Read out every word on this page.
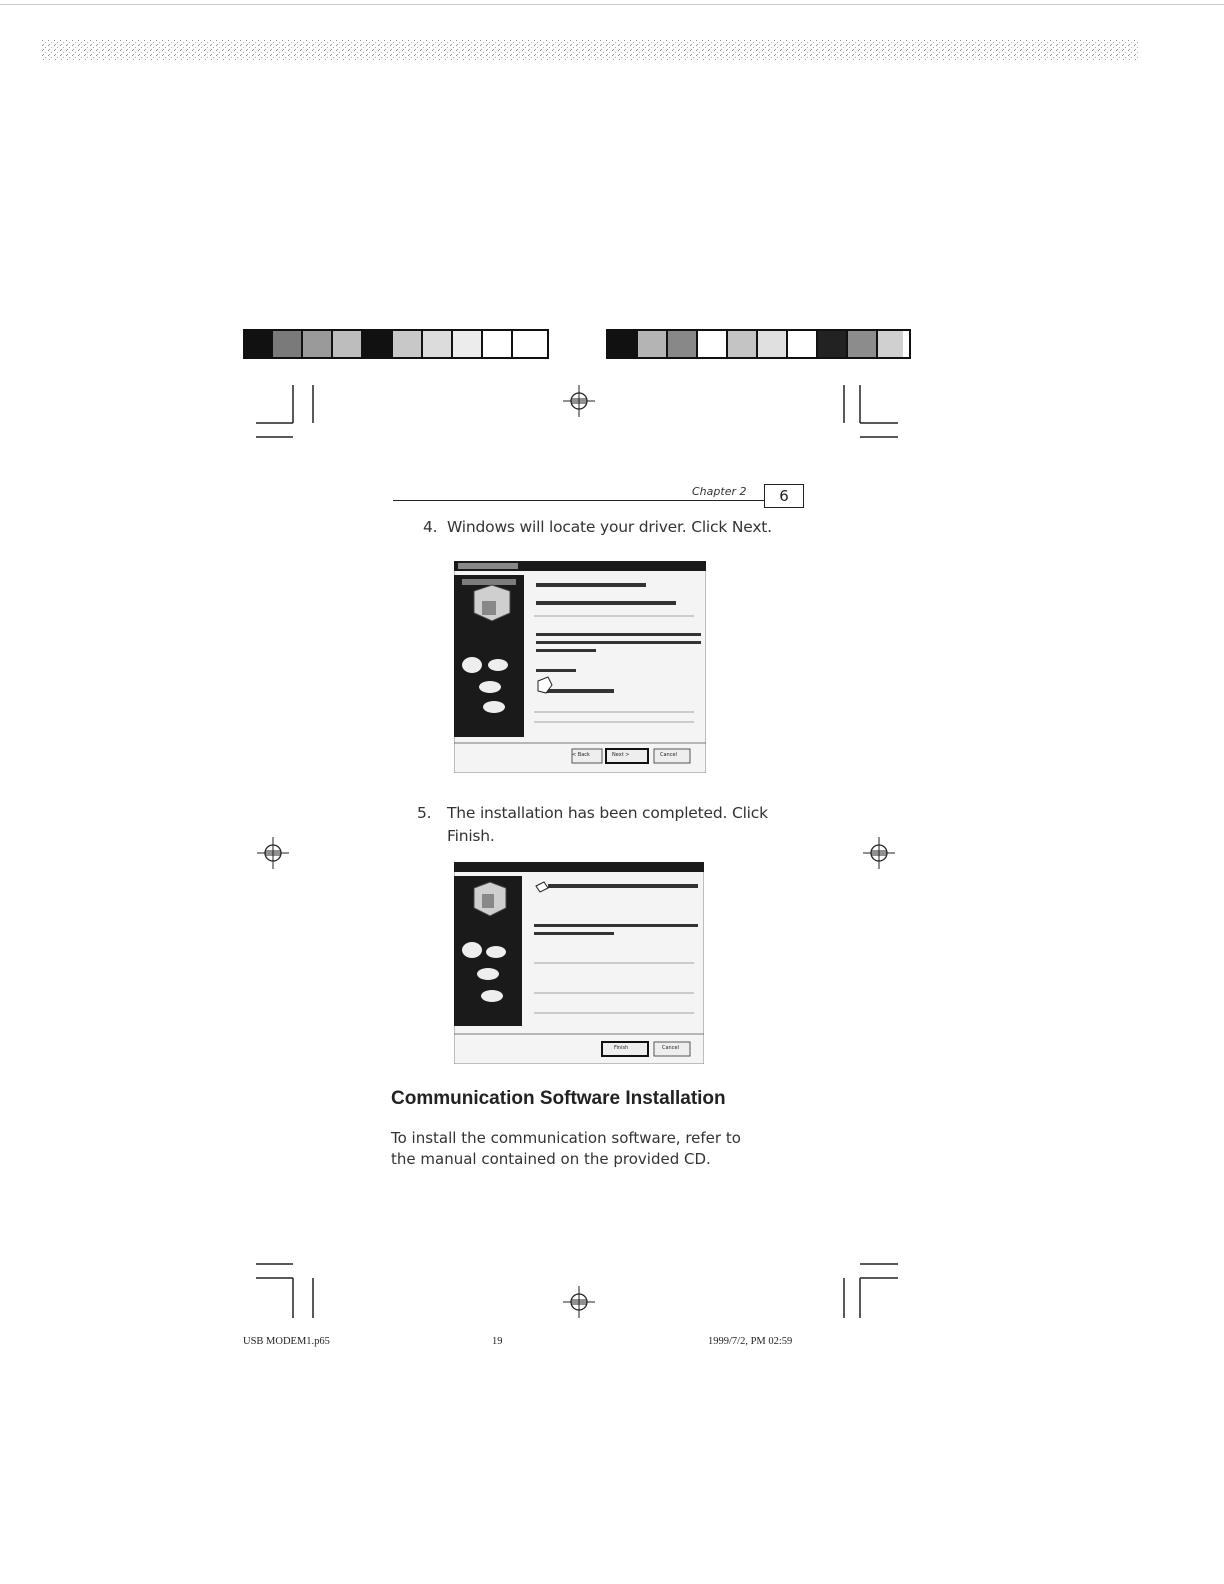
Chapter 2	6
4. Windows will locate your driver. Click Next.
< Back	Next >	Cancel
5. The installation has been completed. Click
Finish.
Finish	Cancel
Communication Software Installation
To install the communication software, refer to
the manual contained on the provided CD.
USB MODEM1.p65	19	1999/7/2, PM 02:59
